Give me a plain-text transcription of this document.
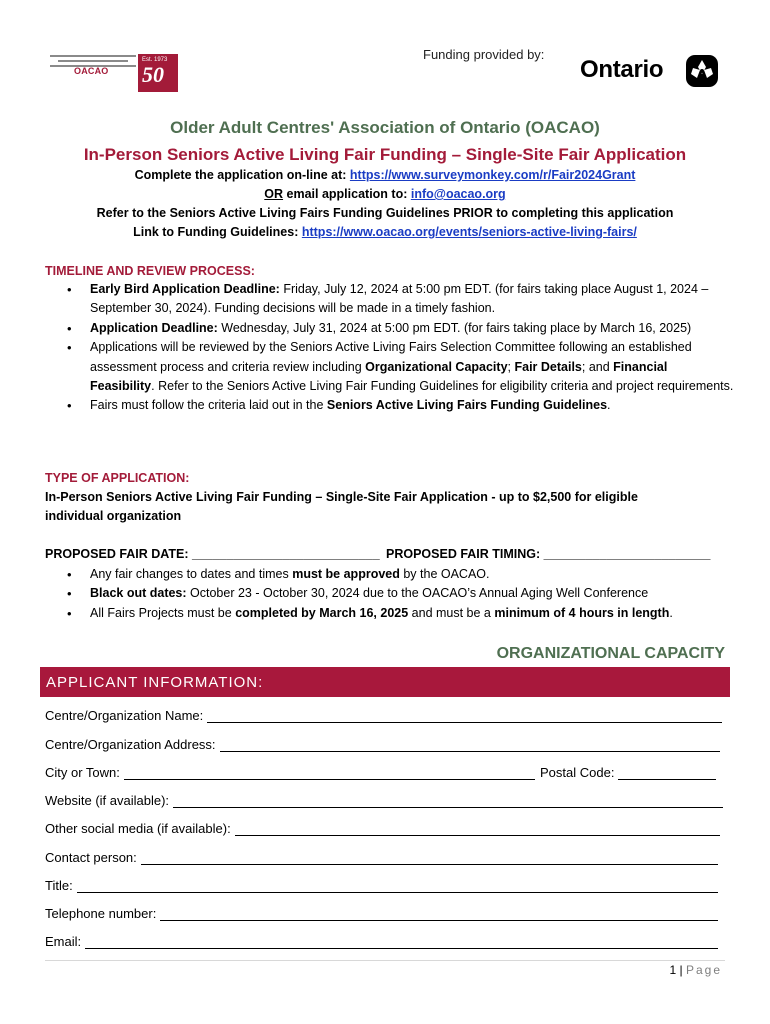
OACAO
Est. 1973
50
Funding provided by:
Ontario
Older Adult Centres' Association of Ontario (OACAO)
In-Person Seniors Active Living Fair Funding – Single-Site Fair Application
Complete the application on-line at: https://www.surveymonkey.com/r/Fair2024Grant
OR email application to: info@oacao.org
Refer to the Seniors Active Living Fairs Funding Guidelines PRIOR to completing this application
Link to Funding Guidelines: https://www.oacao.org/events/seniors-active-living-fairs/
TIMELINE AND REVIEW PROCESS:
• Early Bird Application Deadline: Friday, July 12, 2024 at 5:00 pm EDT. (for fairs taking place August 1, 2024 – September 30, 2024). Funding decisions will be made in a timely fashion.
• Application Deadline: Wednesday, July 31, 2024 at 5:00 pm EDT. (for fairs taking place by March 16, 2025)
• Applications will be reviewed by the Seniors Active Living Fairs Selection Committee following an established assessment process and criteria review including Organizational Capacity; Fair Details; and Financial Feasibility. Refer to the Seniors Active Living Fair Funding Guidelines for eligibility criteria and project requirements.
• Fairs must follow the criteria laid out in the Seniors Active Living Fairs Funding Guidelines.
TYPE OF APPLICATION:
In-Person Seniors Active Living Fair Funding – Single-Site Fair Application - up to $2,500 for eligible individual organization
PROPOSED FAIR DATE: ___________________________ PROPOSED FAIR TIMING: ________________________
• Any fair changes to dates and times must be approved by the OACAO.
• Black out dates: October 23 - October 30, 2024 due to the OACAO’s Annual Aging Well Conference
• All Fairs Projects must be completed by March 16, 2025 and must be a minimum of 4 hours in length.
ORGANIZATIONAL CAPACITY
APPLICANT INFORMATION:
Centre/Organization Name:
Centre/Organization Address:
City or Town:	Postal Code:
Website (if available):
Other social media (if available):
Contact person:
Title:
Telephone number:
Email:
1 | Page
